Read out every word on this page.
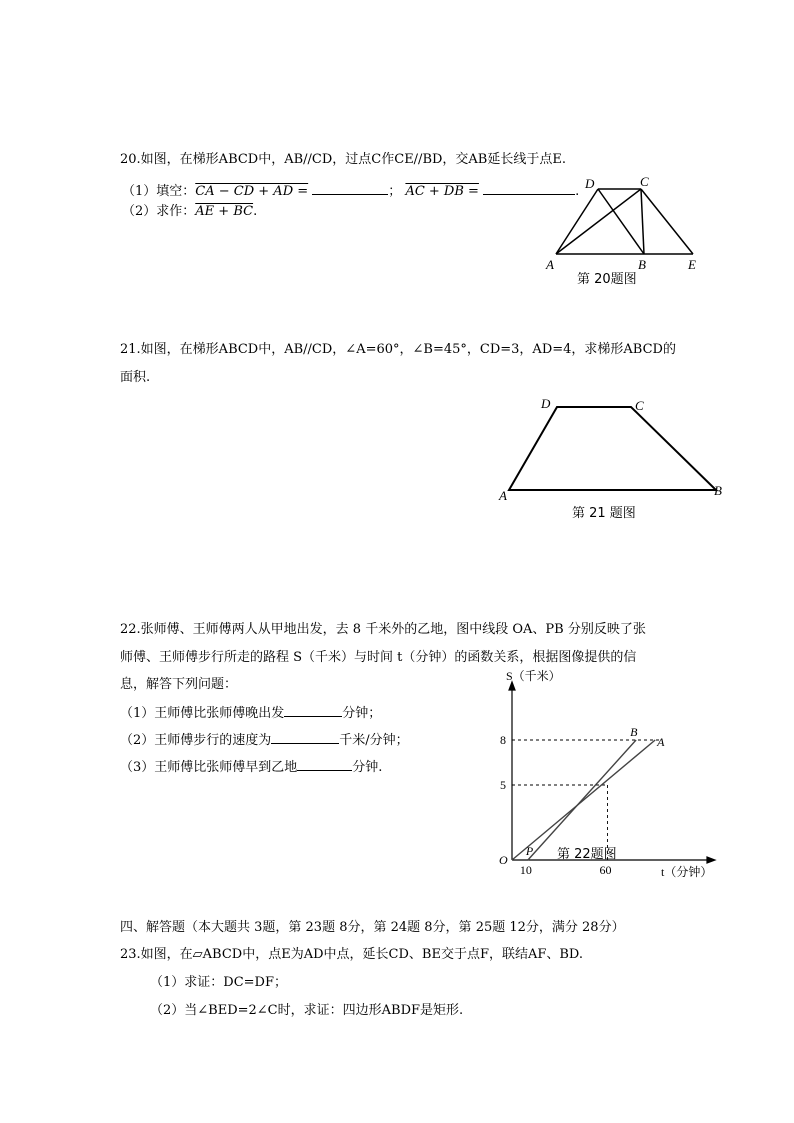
20.如图，在梯形ABCD中，AB//CD，过点C作CE//BD，交AB延长线于点E.
（1）填空：CA − CD + AD =	； AC + DB =	.
（2）求作：AE + BC.
A	B
C
D
E
第 20题图
21.如图，在梯形ABCD中，AB//CD，∠A=60°，∠B=45°，CD=3，AD=4，求梯形ABCD的
面积.
A	B
C
D
第 21 题图
22.张师傅、王师傅两人从甲地出发，去 8 千米外的乙地，图中线段 OA、PB 分别反映了张
师傅、王师傅步行所走的路程 S（千米）与时间 t（分钟）的函数关系，根据图像提供的信
息，解答下列问题：
（1）王师傅比张师傅晚出发	分钟；
（2）王师傅步行的速度为	千米/分钟；
（3）王师傅比张师傅早到乙地	分钟.
A
B
P
5
8
10	60
O
S（千米）
t（分钟）
第 22题图
四、解答题（本大题共 3题，第 23题 8分，第 24题 8分，第 25题 12分，满分 28分）
23.如图，在▱ABCD中，点E为AD中点，延长CD、BE交于点F，联结AF、BD.
（1）求证：DC=DF；
（2）当∠BED=2∠C时，求证：四边形ABDF是矩形.
